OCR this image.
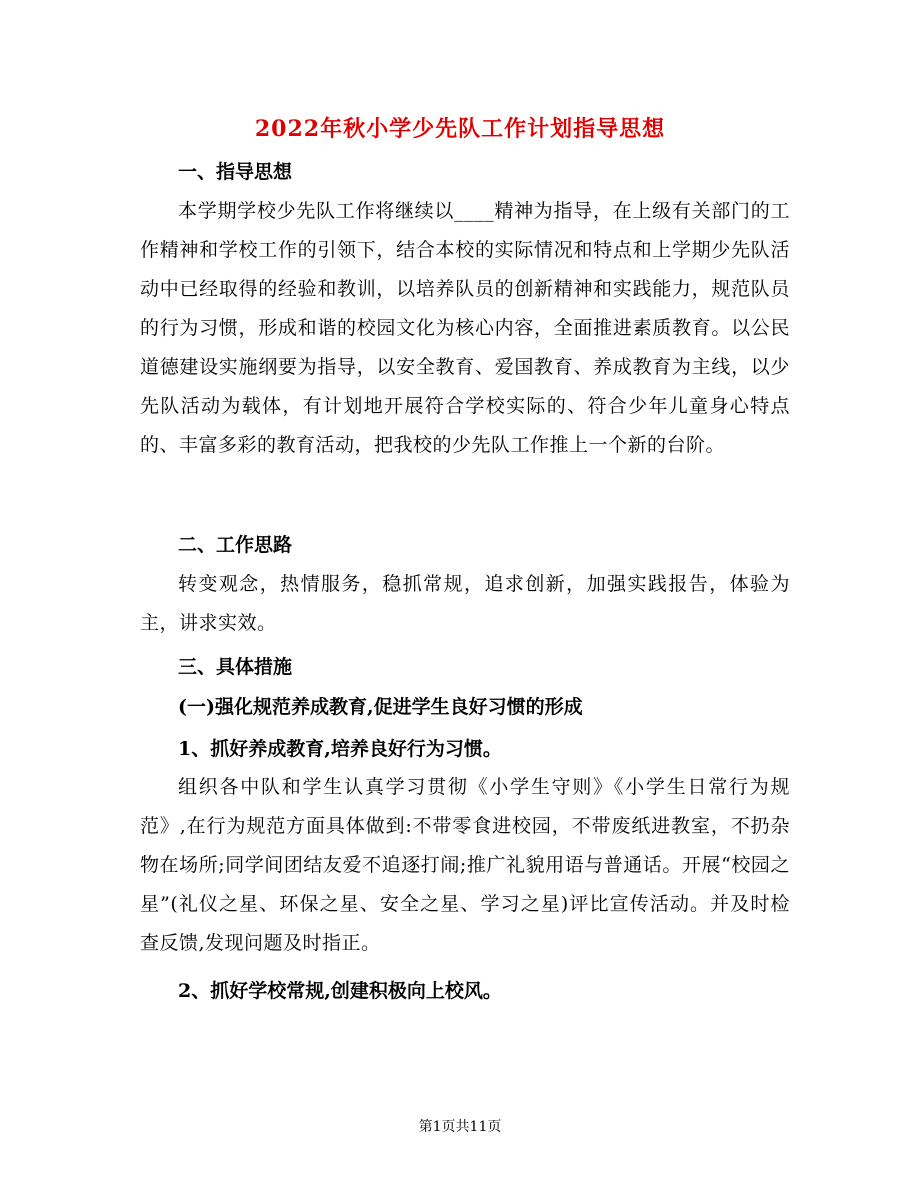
2022年秋小学少先队工作计划指导思想
一、指导思想
本学期学校少先队工作将继续以____精神为指导，在上级有关部门的工作精神和学校工作的引领下，结合本校的实际情况和特点和上学期少先队活动中已经取得的经验和教训，以培养队员的创新精神和实践能力，规范队员的行为习惯，形成和谐的校园文化为核心内容，全面推进素质教育。以公民道德建设实施纲要为指导，以安全教育、爱国教育、养成教育为主线，以少先队活动为载体，有计划地开展符合学校实际的、符合少年儿童身心特点的、丰富多彩的教育活动，把我校的少先队工作推上一个新的台阶。
二、工作思路
转变观念，热情服务，稳抓常规，追求创新，加强实践报告，体验为主，讲求实效。
三、具体措施
(一)强化规范养成教育,促进学生良好习惯的形成
1、抓好养成教育,培养良好行为习惯。
组织各中队和学生认真学习贯彻《小学生守则》《小学生日常行为规范》,在行为规范方面具体做到:不带零食进校园，不带废纸进教室，不扔杂物在场所;同学间团结友爱不追逐打闹;推广礼貌用语与普通话。开展“校园之星”(礼仪之星、环保之星、安全之星、学习之星)评比宣传活动。并及时检查反馈,发现问题及时指正。
2、抓好学校常规,创建积极向上校风。
第1页共11页
